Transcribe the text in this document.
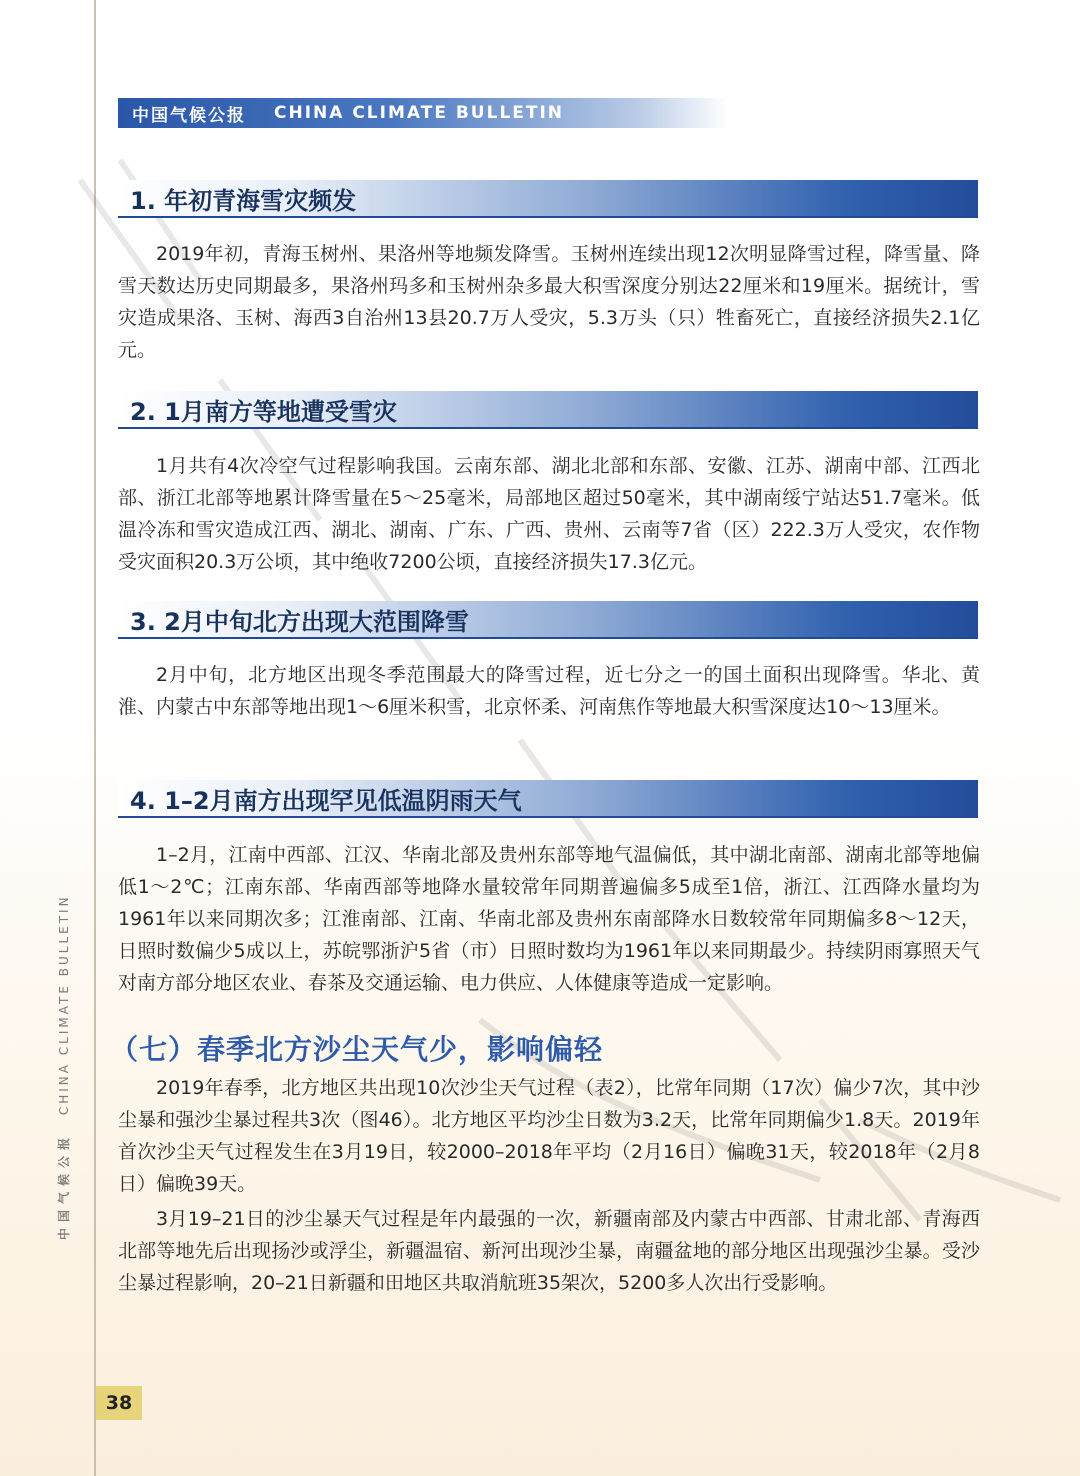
中国气候公报 CHINA CLIMATE BULLETIN
1. 年初青海雪灾频发

2019年初，青海玉树州、果洛州等地频发降雪。玉树州连续出现12次明显降雪过程，降雪量、降雪天数达历史同期最多，果洛州玛多和玉树州杂多最大积雪深度分别达22厘米和19厘米。据统计，雪灾造成果洛、玉树、海西3自治州13县20.7万人受灾，5.3万头（只）牲畜死亡，直接经济损失2.1亿元。

2. 1月南方等地遭受雪灾

1月共有4次冷空气过程影响我国。云南东部、湖北北部和东部、安徽、江苏、湖南中部、江西北部、浙江北部等地累计降雪量在5～25毫米，局部地区超过50毫米，其中湖南绥宁站达51.7毫米。低温冷冻和雪灾造成江西、湖北、湖南、广东、广西、贵州、云南等7省（区）222.3万人受灾，农作物受灾面积20.3万公顷，其中绝收7200公顷，直接经济损失17.3亿元。

3. 2月中旬北方出现大范围降雪

2月中旬，北方地区出现冬季范围最大的降雪过程，近七分之一的国土面积出现降雪。华北、黄淮、内蒙古中东部等地出现1～6厘米积雪，北京怀柔、河南焦作等地最大积雪深度达10～13厘米。

4. 1–2月南方出现罕见低温阴雨天气

1–2月，江南中西部、江汉、华南北部及贵州东部等地气温偏低，其中湖北南部、湖南北部等地偏低1～2℃；江南东部、华南西部等地降水量较常年同期普遍偏多5成至1倍，浙江、江西降水量均为1961年以来同期次多；江淮南部、江南、华南北部及贵州东南部降水日数较常年同期偏多8～12天，日照时数偏少5成以上，苏皖鄂浙沪5省（市）日照时数均为1961年以来同期最少。持续阴雨寡照天气对南方部分地区农业、春茶及交通运输、电力供应、人体健康等造成一定影响。

（七）春季北方沙尘天气少，影响偏轻

2019年春季，北方地区共出现10次沙尘天气过程（表2），比常年同期（17次）偏少7次，其中沙尘暴和强沙尘暴过程共3次（图46）。北方地区平均沙尘日数为3.2天，比常年同期偏少1.8天。2019年首次沙尘天气过程发生在3月19日，较2000–2018年平均（2月16日）偏晚31天，较2018年（2月8日）偏晚39天。

3月19–21日的沙尘暴天气过程是年内最强的一次，新疆南部及内蒙古中西部、甘肃北部、青海西北部等地先后出现扬沙或浮尘，新疆温宿、新河出现沙尘暴，南疆盆地的部分地区出现强沙尘暴。受沙尘暴过程影响，20–21日新疆和田地区共取消航班35架次，5200多人次出行受影响。

中国气候公报 CHINA CLIMATE BULLETIN
38
